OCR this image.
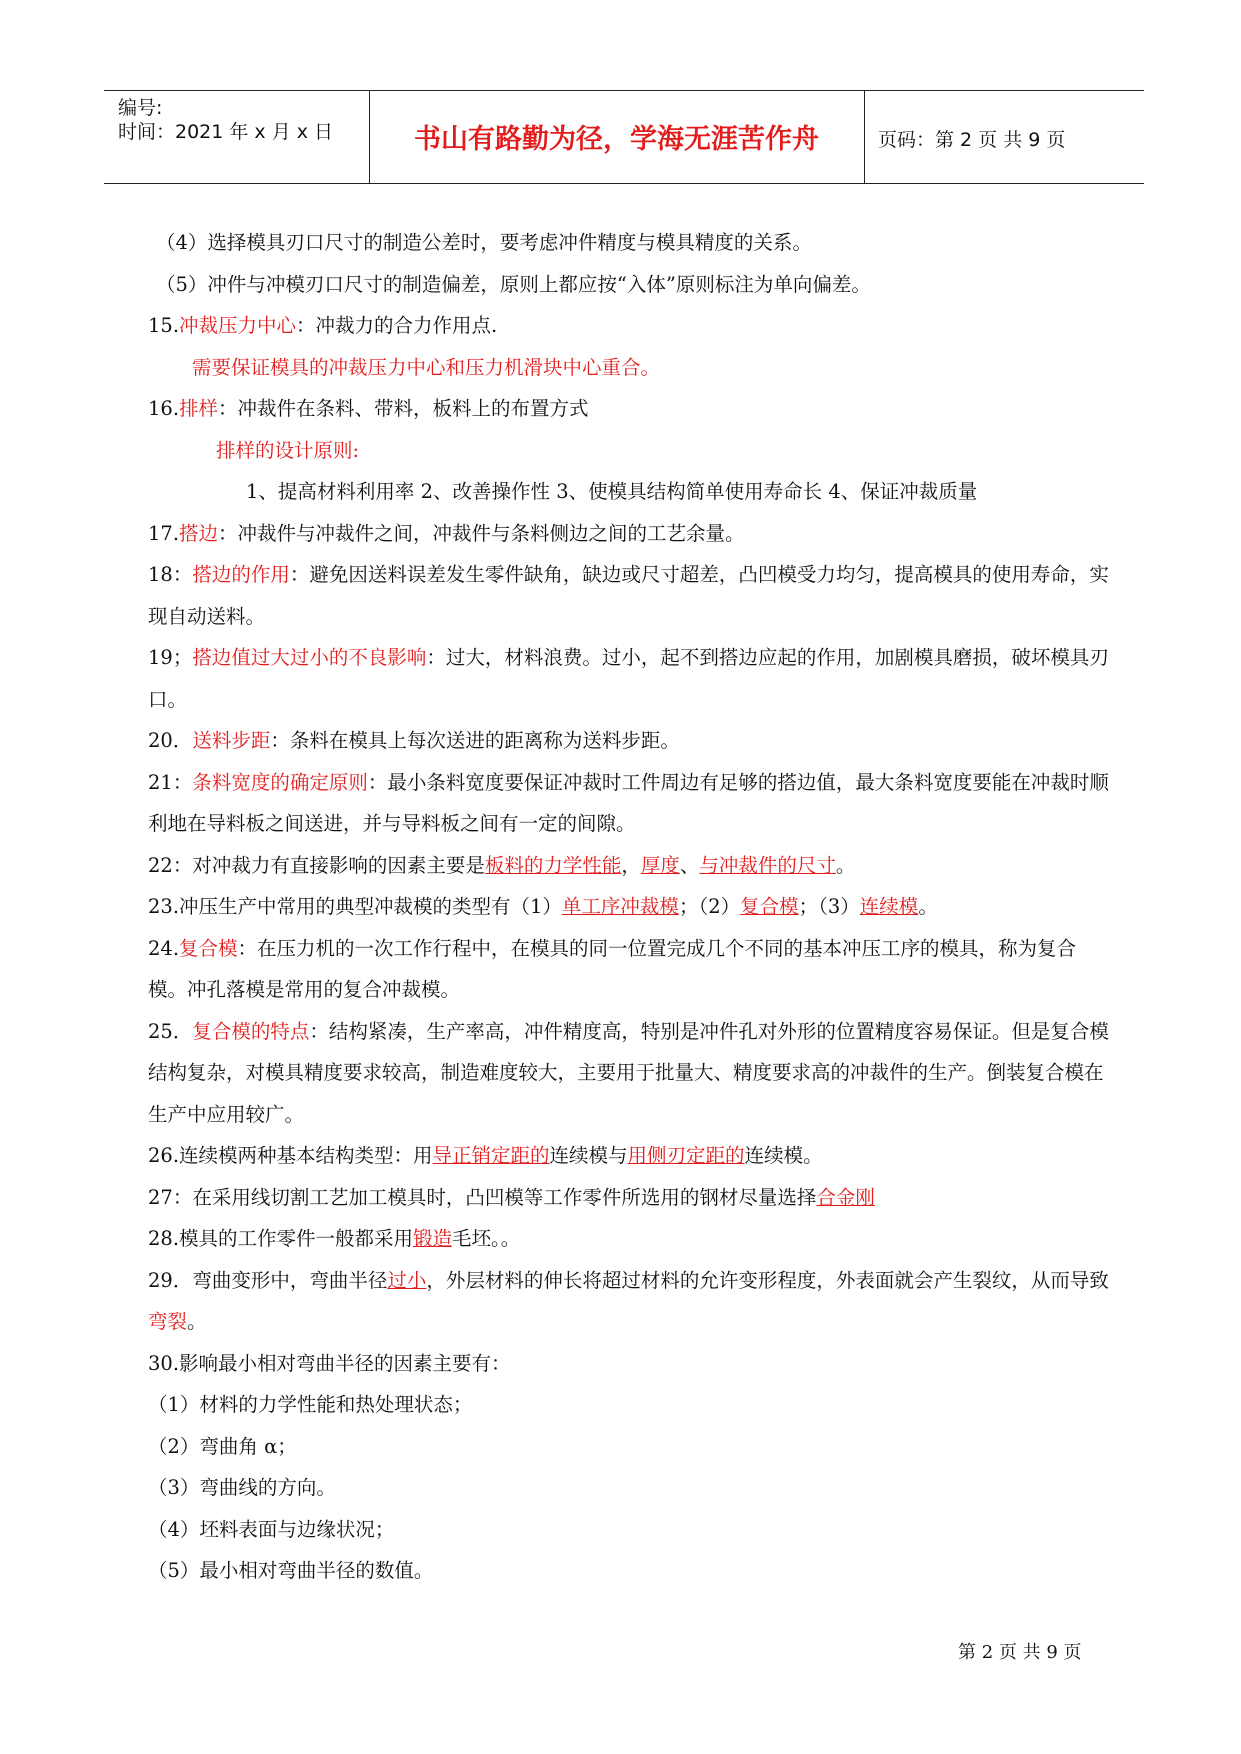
编号:
时间：2021 年 x 月 x 日	书山有路勤为径，学海无涯苦作舟	页码：第 2 页 共 9 页
（4）选择模具刃口尺寸的制造公差时，要考虑冲件精度与模具精度的关系。
（5）冲件与冲模刃口尺寸的制造偏差，原则上都应按“入体”原则标注为单向偏差。
15.冲裁压力中心：冲裁力的合力作用点.
需要保证模具的冲裁压力中心和压力机滑块中心重合。
16.排样：冲裁件在条料、带料，板料上的布置方式
排样的设计原则:
1、提高材料利用率 2、改善操作性 3、使模具结构简单使用寿命长 4、保证冲裁质量
17.搭边：冲裁件与冲裁件之间，冲裁件与条料侧边之间的工艺余量。
18：搭边的作用：避免因送料误差发生零件缺角，缺边或尺寸超差，凸凹模受力均匀，提高模具的使用寿命，实现自动送料。
19；搭边值过大过小的不良影响：过大，材料浪费。过小，起不到搭边应起的作用，加剧模具磨损，破坏模具刃口。
20．送料步距：条料在模具上每次送进的距离称为送料步距。
21：条料宽度的确定原则：最小条料宽度要保证冲裁时工件周边有足够的搭边值，最大条料宽度要能在冲裁时顺利地在导料板之间送进，并与导料板之间有一定的间隙。
22：对冲裁力有直接影响的因素主要是板料的力学性能，厚度、与冲裁件的尺寸。
23.冲压生产中常用的典型冲裁模的类型有（1）单工序冲裁模；（2）复合模；（3）连续模。
24.复合模：在压力机的一次工作行程中，在模具的同一位置完成几个不同的基本冲压工序的模具，称为复合模。冲孔落模是常用的复合冲裁模。
25．复合模的特点：结构紧凑，生产率高，冲件精度高，特别是冲件孔对外形的位置精度容易保证。但是复合模结构复杂，对模具精度要求较高，制造难度较大，主要用于批量大、精度要求高的冲裁件的生产。倒装复合模在生产中应用较广。
26.连续模两种基本结构类型：用导正销定距的连续模与用侧刃定距的连续模。
27：在采用线切割工艺加工模具时，凸凹模等工作零件所选用的钢材尽量选择合金刚
28.模具的工作零件一般都采用锻造毛坯。。
29．弯曲变形中，弯曲半径过小，外层材料的伸长将超过材料的允许变形程度，外表面就会产生裂纹，从而导致弯裂。
30.影响最小相对弯曲半径的因素主要有：
（1）材料的力学性能和热处理状态；
（2）弯曲角 α；
（3）弯曲线的方向。
（4）坯料表面与边缘状况；
（5）最小相对弯曲半径的数值。
第 2 页 共 9 页
